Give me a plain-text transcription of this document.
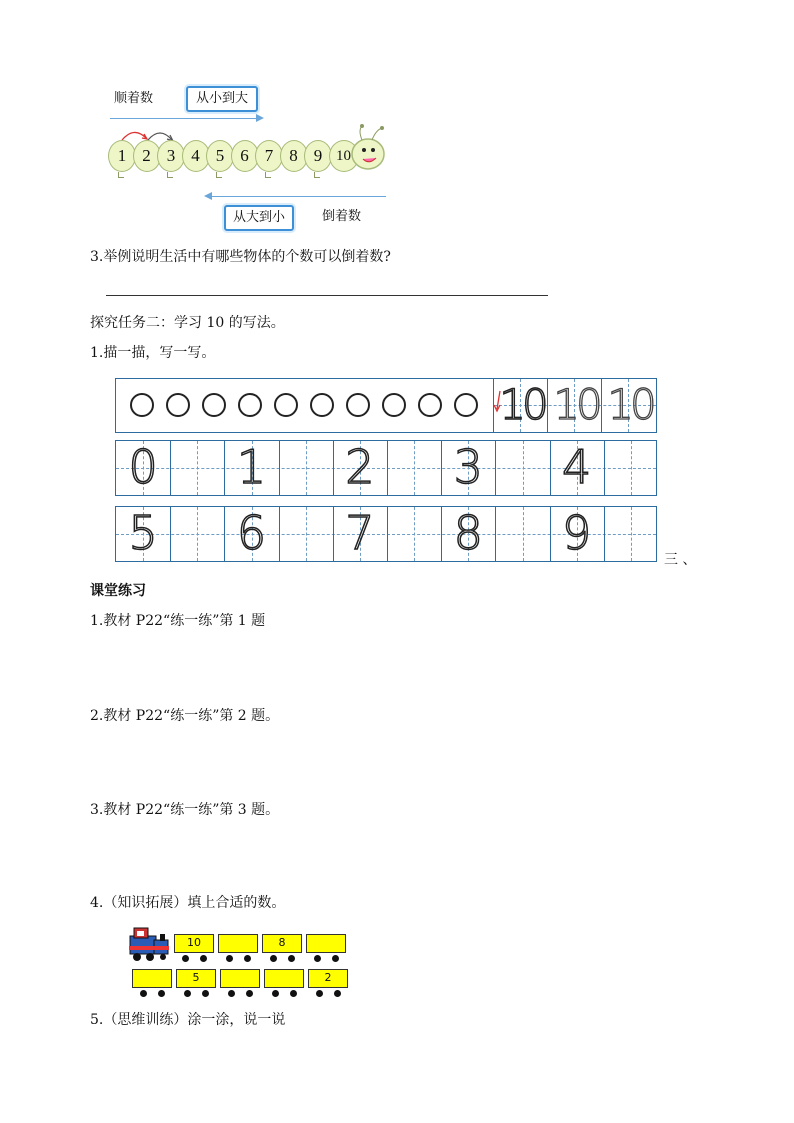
顺着数	从小到大
1 2 3 4 5 6 7 8 9 10
从大到小	倒着数
3.举例说明生活中有哪些物体的个数可以倒着数?
探究任务二：学习 10 的写法。
1.描一描，写一写。
10 10 10
0 1 2 3 4
5 6 7 8 9	三 、
课堂练习
1.教材 P22“练一练”第 1 题
2.教材 P22“练一练”第 2 题。
3.教材 P22“练一练”第 3 题。
4.（知识拓展）填上合适的数。
10	8
5	2
5.（思维训练）涂一涂，说一说
